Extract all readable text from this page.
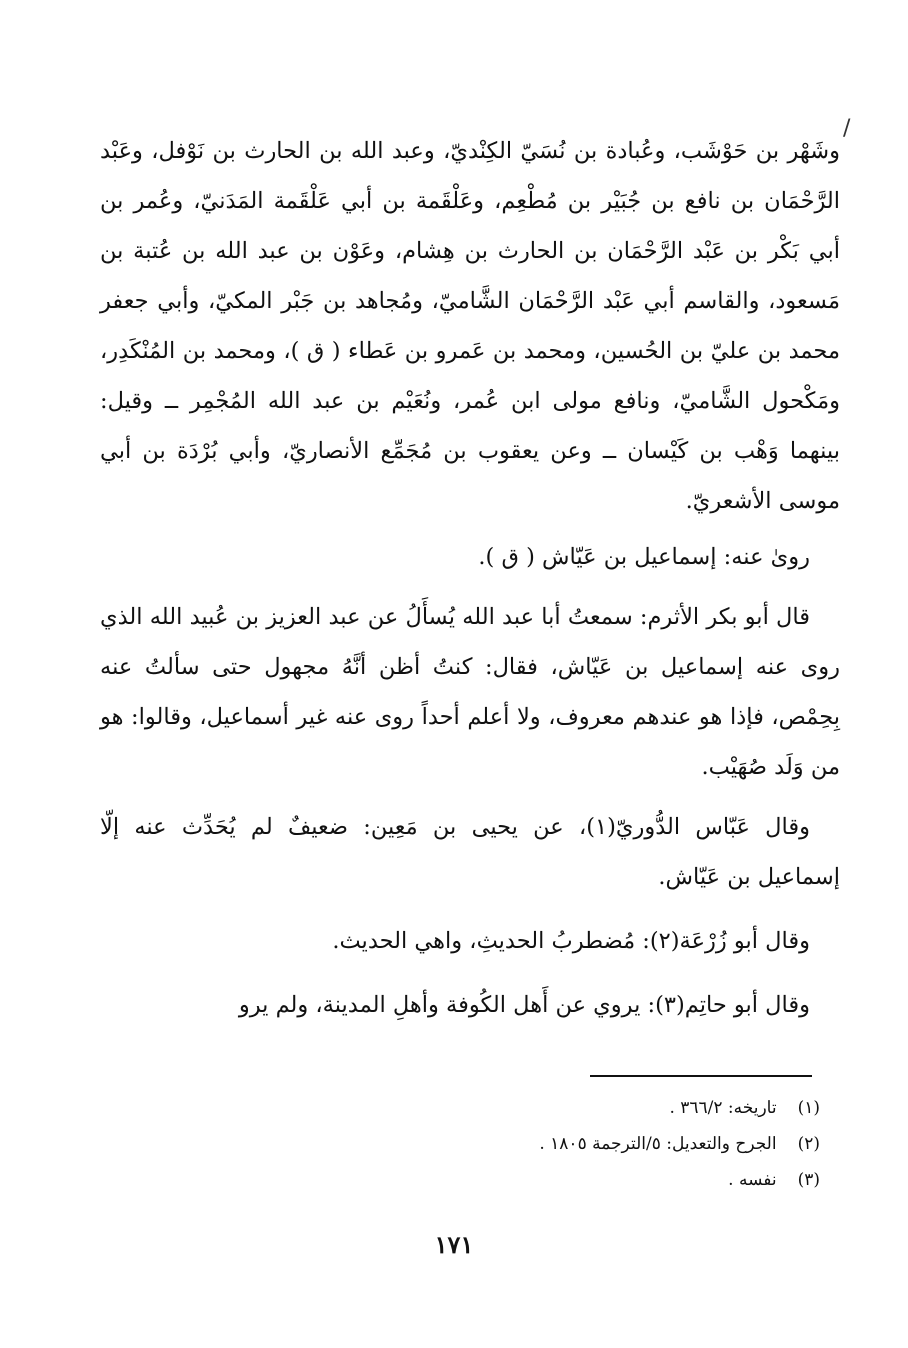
/

وشَهْر بن حَوْشَب، وعُبادة بن نُسَيّ الكِنْديّ، وعبد الله بن الحارث بن نَوْفل، وعَبْد الرَّحْمَان بن نافع بن جُبَيْر بن مُطْعِم، وعَلْقَمة بن أبي عَلْقَمة المَدَنيّ، وعُمر بن أبي بَكْر بن عَبْد الرَّحْمَان بن الحارث بن هِشام، وعَوْن بن عبد الله بن عُتبة بن مَسعود، والقاسم أبي عَبْد الرَّحْمَان الشَّاميّ، ومُجاهد بن جَبْر المكيّ، وأبي جعفر محمد بن عليّ بن الحُسين، ومحمد بن عَمرو بن عَطاء ( ق )، ومحمد بن المُنْكَدِر، ومَكْحول الشَّاميّ، ونافع مولى ابن عُمر، ونُعَيْم بن عبد الله المُجْمِر ــ وقيل: بينهما وَهْب بن كَيْسان ــ وعن يعقوب بن مُجَمِّع الأنصاريّ، وأبي بُرْدَة بن أبي موسى الأشعريّ.

رویٰ عنه: إسماعيل بن عَيّاش ( ق ).

قال أبو بكر الأثرم: سمعتُ أبا عبد الله يُسأَلُ عن عبد العزيز بن عُبيد الله الذي روى عنه إسماعيل بن عَيّاش، فقال: كنتُ أظن أنَّهُ مجهول حتى سألتُ عنه بِحِمْص، فإذا هو عندهم معروف، ولا أعلم أحداً روى عنه غير أسماعيل، وقالوا: هو من وَلَد صُهَيْب.

وقال عَبّاس الدُّوريّ(١)، عن يحيى بن مَعِين: ضعيفٌ لم يُحَدِّث عنه إلّا إسماعيل بن عَيّاش.

وقال أبو زُرْعَة(٢): مُضطربُ الحديثِ، واهي الحديث.

وقال أبو حاتِم(٣): يروي عن أَهل الكُوفة وأهلِ المدينة، ولم يرو

(١) تاريخه: ٣٦٦/٢ .
(٢) الجرح والتعديل: ٥/الترجمة ١٨٠٥ .
(٣) نفسه .
١٧١
